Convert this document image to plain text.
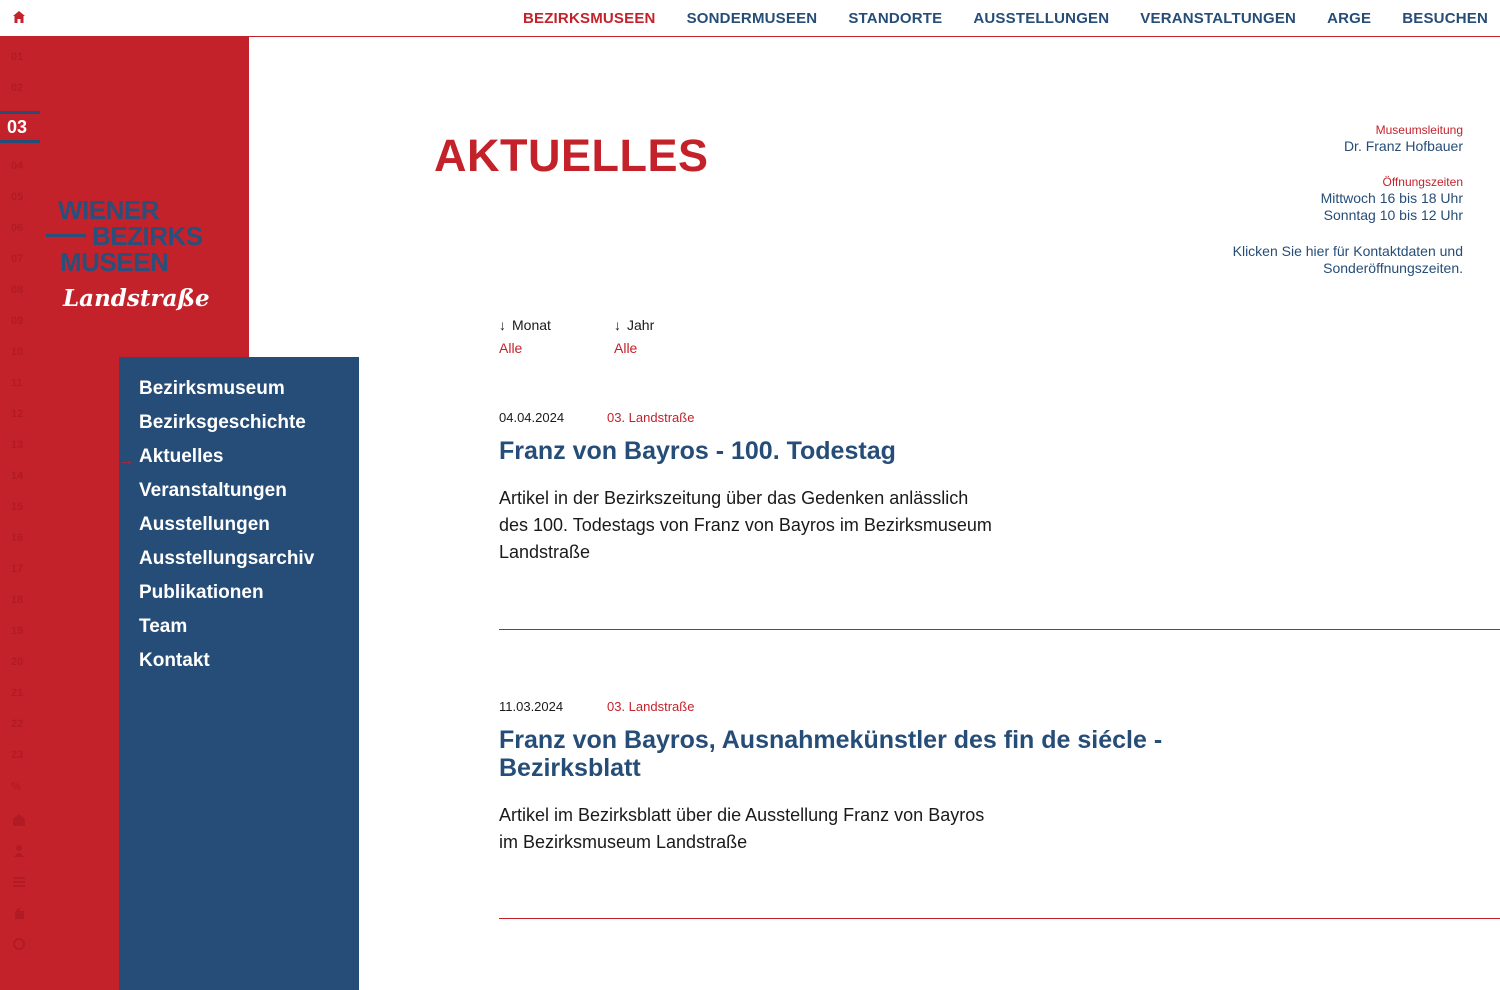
BEZIRKSMUSEEN SONDERMUSEEN STANDORTE AUSSTELLUNGEN VERANSTALTUNGEN ARGE BESUCHEN
01
02
03
04
05
06
07
08
09
10
11
12
13
14
15
16
17
18
19
20
21
22
23
%
WIENER
BEZIRKS
MUSEEN
Landstraße
Bezirksmuseum
Bezirksgeschichte
→ Aktuelles
Veranstaltungen
Ausstellungen
Ausstellungsarchiv
Publikationen
Team
Kontakt
AKTUELLES	Museumsleitung
Dr. Franz Hofbauer
Öffnungszeiten
Mittwoch 16 bis 18 Uhr
Sonntag 10 bis 12 Uhr
Klicken Sie hier für Kontaktdaten und
Sonderöffnungszeiten.
↓ Monat
Alle
↓ Jahr
Alle
04.04.2024	03. Landstraße
Franz von Bayros - 100. Todestag

Artikel in der Bezirkszeitung über das Gedenken anlässlich des 100. Todestags von Franz von Bayros im Bezirksmuseum Landstraße

11.03.2024	03. Landstraße
Franz von Bayros, Ausnahmekünstler des fin de siécle - Bezirksblatt

Artikel im Bezirksblatt über die Ausstellung Franz von Bayros im Bezirksmuseum Landstraße
